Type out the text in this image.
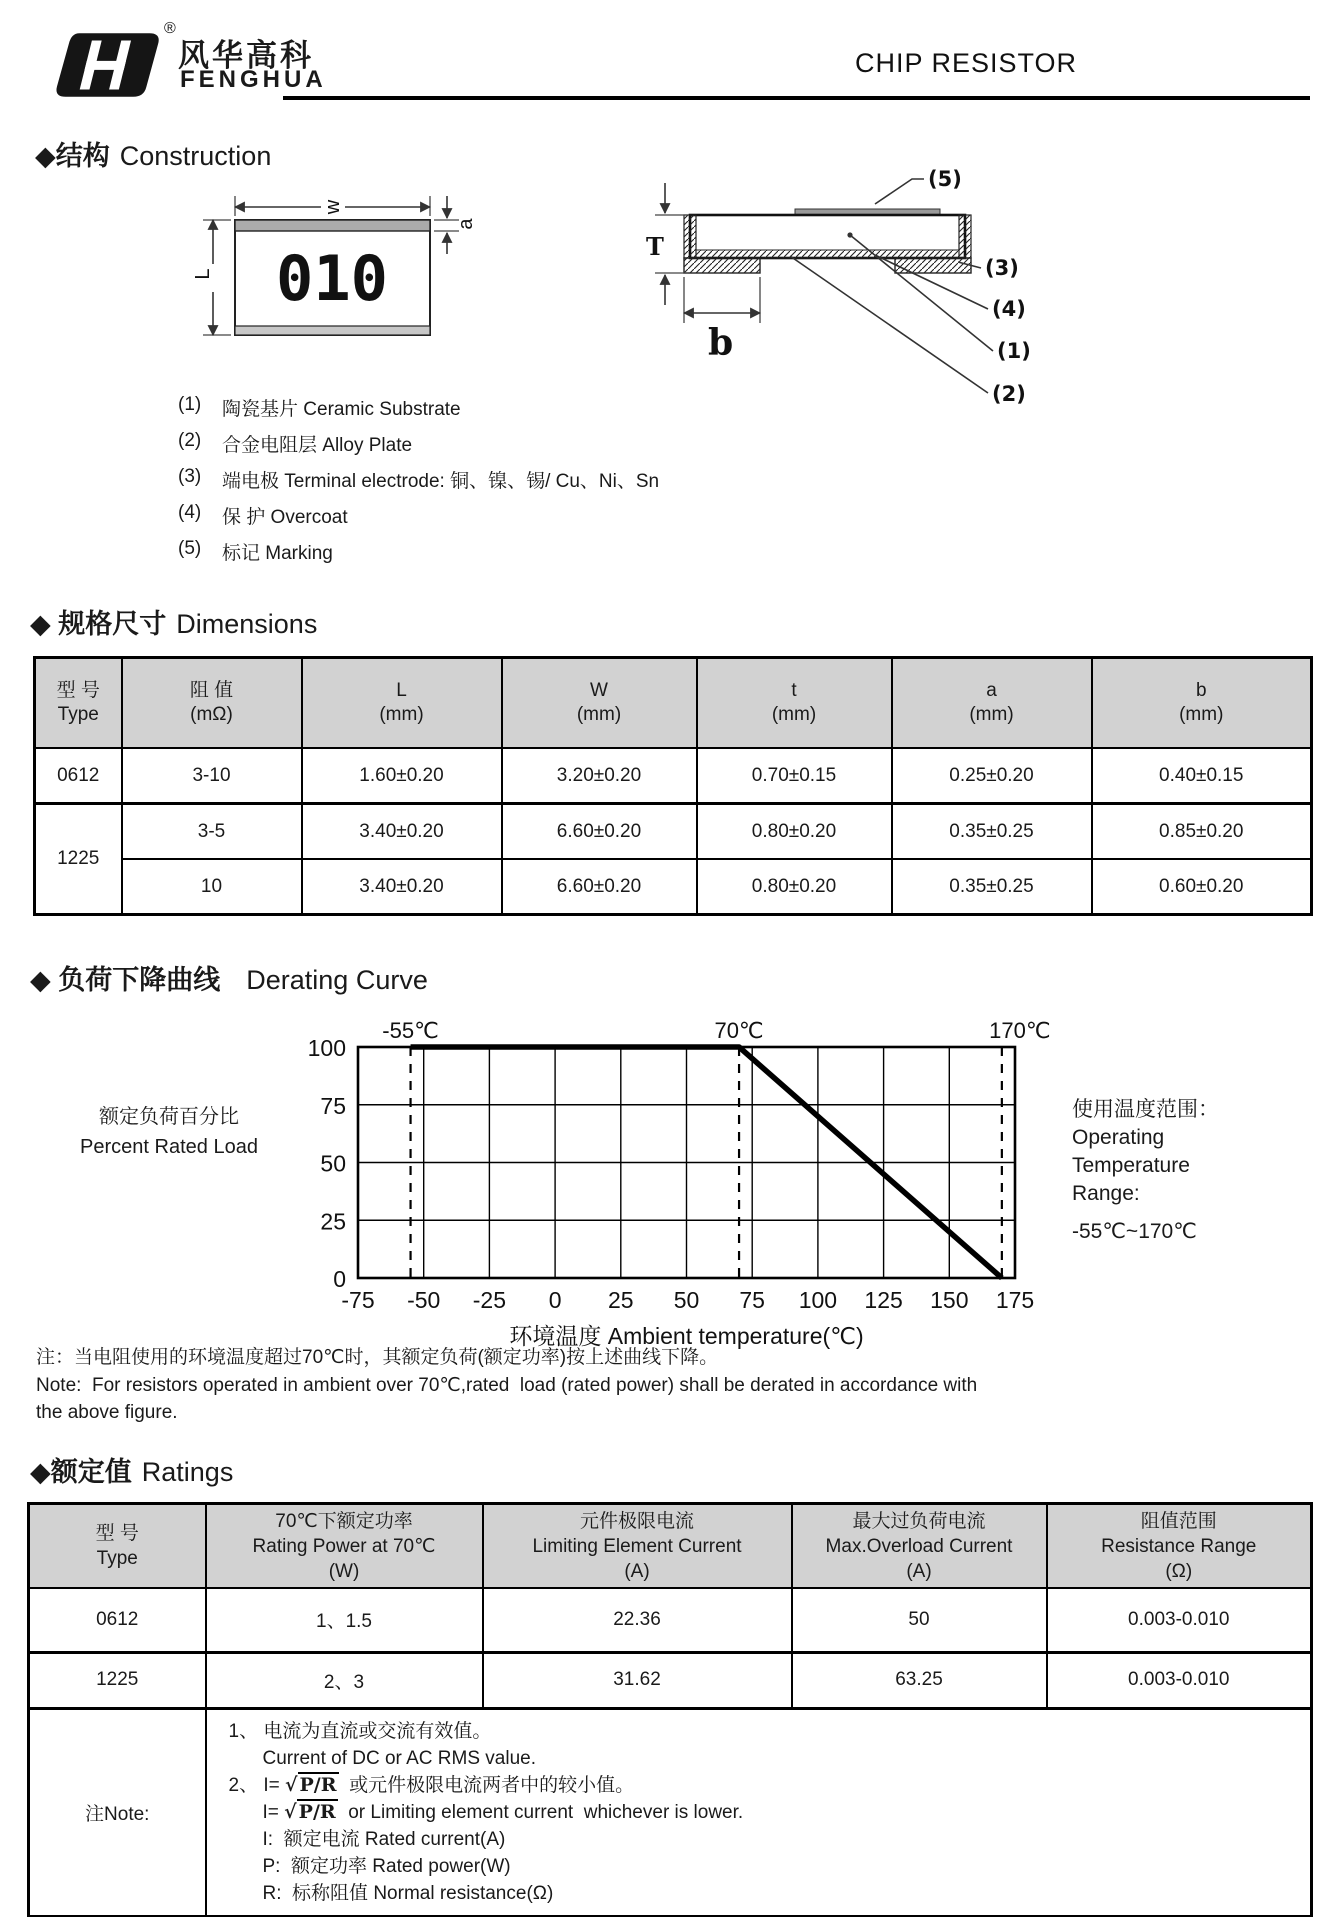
®
风华高科
FENGHUA
CHIP RESISTOR
◆结构 Construction
010
w
L
a
T
b
(5)
(3)
(4)
(1)
(2)
(1)	陶瓷基片 Ceramic Substrate
(2)	合金电阻层 Alloy Plate
(3)	端电极 Terminal electrode: 铜、镍、锡/ Cu、Ni、Sn
(4)	保 护 Overcoat
(5)	标记 Marking
◆ 规格尺寸 Dimensions
型 号
Type

阻 值
(mΩ)

L
(mm)

W
(mm)

t
(mm)

a
(mm)

b
(mm)

0612	3-10	1.60±0.20	3.20±0.20	0.70±0.15	0.25±0.20	0.40±0.15
1225	3-5	3.40±0.20	6.60±0.20	0.80±0.20	0.35±0.25	0.85±0.20
	10	3.40±0.20	6.60±0.20	0.80±0.20	0.35±0.25	0.60±0.20
◆ 负荷下降曲线 Derating Curve
额定负荷百分比
Percent Rated Load
0
25
50
75
100
-75 -50 -25 0 25 50 75 100 125 150 175
-55℃	70℃	170℃
环境温度 Ambient temperature(℃)
使用温度范围：
Operating
Temperature
Range:
-55℃~170℃
注：当电阻使用的环境温度超过70℃时，其额定负荷(额定功率)按上述曲线下降。
Note:  For resistors operated in ambient over 70℃,rated  load (rated power) shall be derated in accordance with
the above figure.
◆额定值 Ratings
型 号
Type

70℃下额定功率
Rating Power at 70℃
(W)

元件极限电流
Limiting Element Current
(A)

最大过负荷电流
Max.Overload Current
(A)

阻值范围
Resistance Range
(Ω)

0612	1、1.5	22.36	50	0.003-0.010
1225	2、3	31.62	63.25	0.003-0.010
注Note:	
1、 电流为直流或交流有效值。
Current of DC or AC RMS value.
2、 I= √ P/R  或元件极限电流两者中的较小值。
I= √ P/R  or Limiting element current  whichever is lower.
I:  额定电流 Rated current(A)
P:  额定功率 Rated power(W)
R:  标称阻值 Normal resistance(Ω)
